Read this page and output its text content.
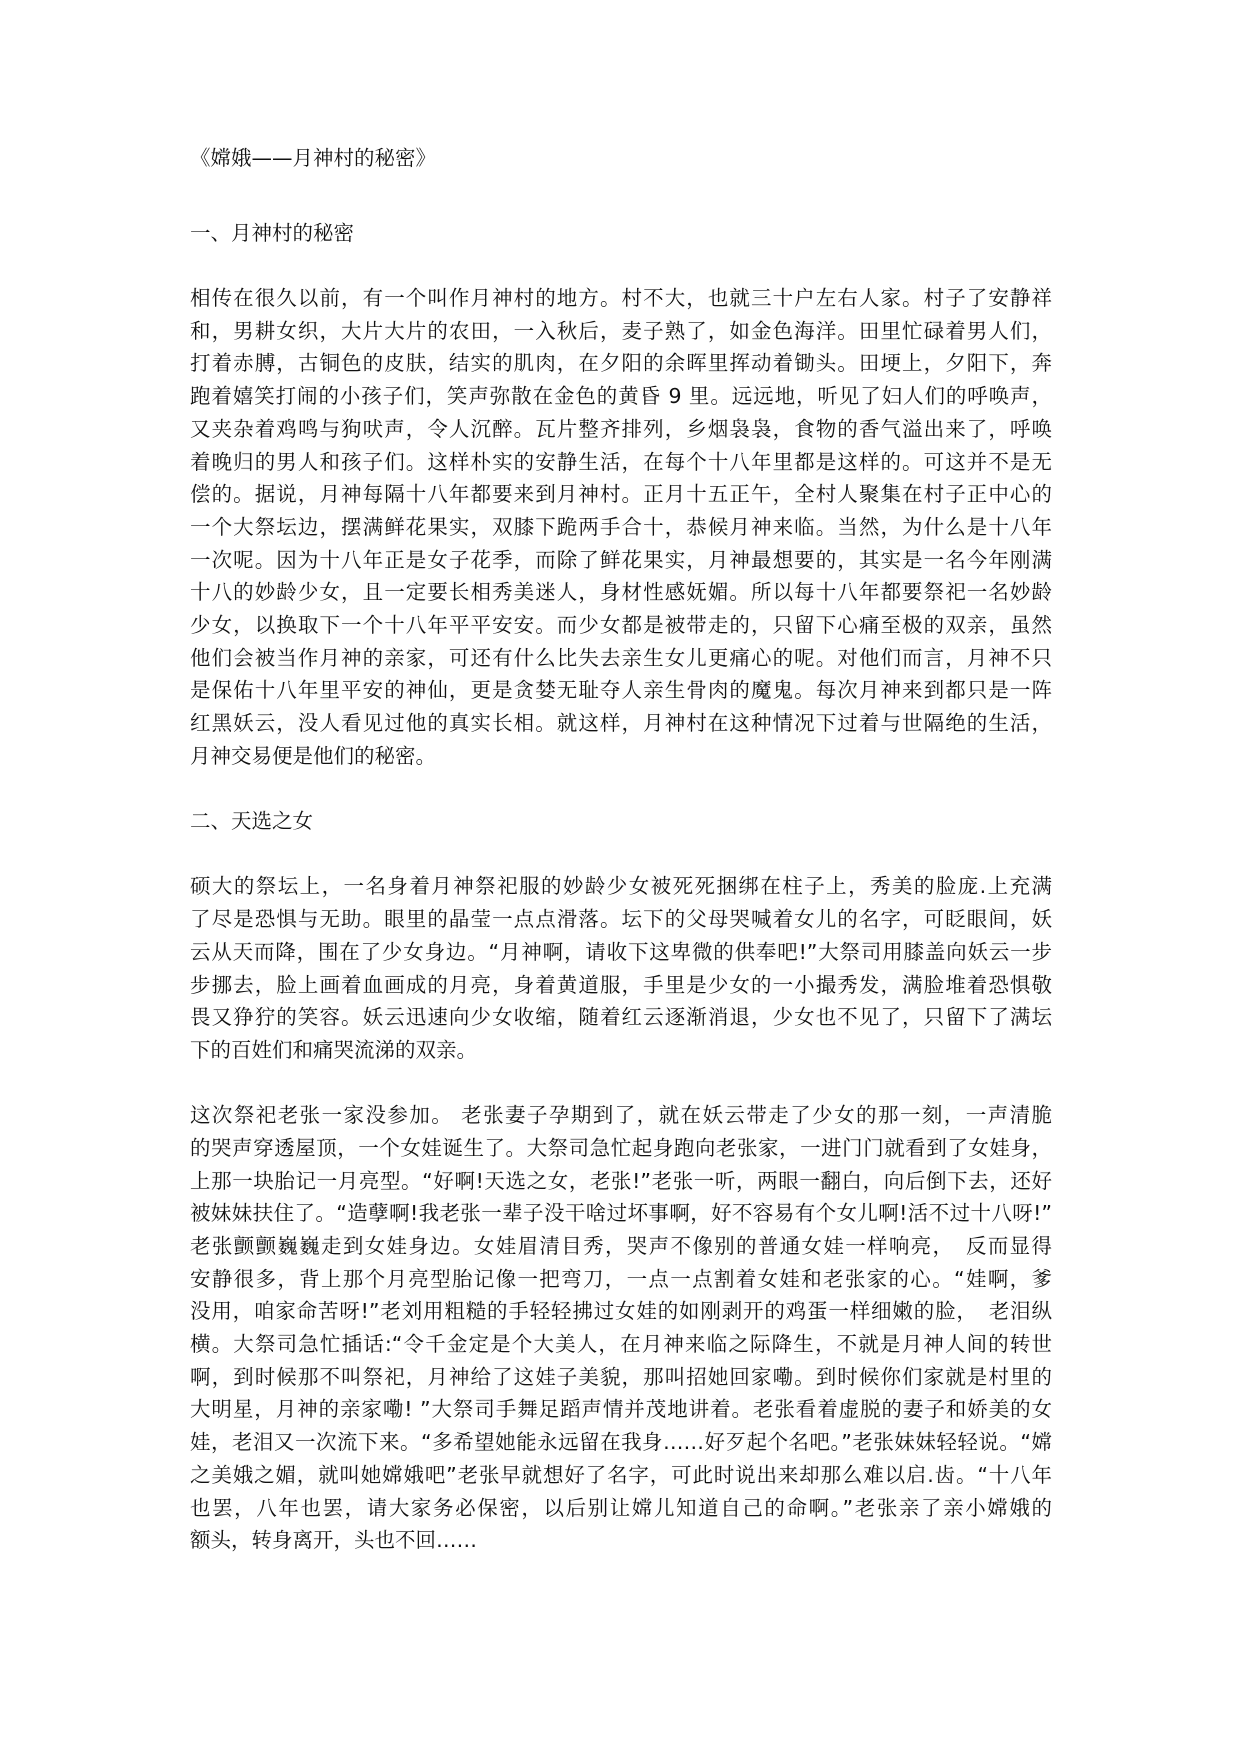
《嫦娥——月神村的秘密》
一、月神村的秘密
相传在很久以前，有一个叫作月神村的地方。村不大，也就三十户左右人家。村子了安静祥
和，男耕女织，大片大片的农田，一入秋后，麦子熟了，如金色海洋。田里忙碌着男人们，
打着赤膊，古铜色的皮肤，结实的肌肉，在夕阳的余晖里挥动着锄头。田埂上，夕阳下，奔
跑着嬉笑打闹的小孩子们，笑声弥散在金色的黄昏 9 里。远远地，听见了妇人们的呼唤声，
又夹杂着鸡鸣与狗吠声，令人沉醉。瓦片整齐排列，乡烟袅袅，食物的香气溢出来了，呼唤
着晚归的男人和孩子们。这样朴实的安静生活，在每个十八年里都是这样的。可这并不是无
偿的。据说，月神每隔十八年都要来到月神村。正月十五正午，全村人聚集在村子正中心的
一个大祭坛边，摆满鲜花果实，双膝下跪两手合十，恭候月神来临。当然，为什么是十八年
一次呢。因为十八年正是女子花季，而除了鲜花果实，月神最想要的，其实是一名今年刚满
十八的妙龄少女，且一定要长相秀美迷人，身材性感妩媚。所以每十八年都要祭祀一名妙龄
少女，以换取下一个十八年平平安安。而少女都是被带走的，只留下心痛至极的双亲，虽然
他们会被当作月神的亲家，可还有什么比失去亲生女儿更痛心的呢。对他们而言，月神不只
是保佑十八年里平安的神仙，更是贪婪无耻夺人亲生骨肉的魔鬼。每次月神来到都只是一阵
红黑妖云，没人看见过他的真实长相。就这样，月神村在这种情况下过着与世隔绝的生活，
月神交易便是他们的秘密。
二、天选之女
硕大的祭坛上，一名身着月神祭祀服的妙龄少女被死死捆绑在柱子上，秀美的脸庞.上充满
了尽是恐惧与无助。眼里的晶莹一点点滑落。坛下的父母哭喊着女儿的名字，可眨眼间，妖
云从天而降，围在了少女身边。“月神啊，请收下这卑微的供奉吧!”大祭司用膝盖向妖云一步
步挪去，脸上画着血画成的月亮，身着黄道服，手里是少女的一小撮秀发，满脸堆着恐惧敬
畏又狰狞的笑容。妖云迅速向少女收缩，随着红云逐渐消退，少女也不见了，只留下了满坛
下的百姓们和痛哭流涕的双亲。
这次祭祀老张一家没参加。 老张妻子孕期到了，就在妖云带走了少女的那一刻，一声清脆
的哭声穿透屋顶，一个女娃诞生了。大祭司急忙起身跑向老张家，一进门门就看到了女娃身，
上那一块胎记一月亮型。“好啊!天选之女，老张!”老张一听，两眼一翻白，向后倒下去，还好
被妹妹扶住了。“造孽啊!我老张一辈子没干啥过坏事啊，好不容易有个女儿啊!活不过十八呀!”
老张颤颤巍巍走到女娃身边。女娃眉清目秀，哭声不像别的普通女娃一样响亮，　反而显得
安静很多，背上那个月亮型胎记像一把弯刀，一点一点割着女娃和老张家的心。“娃啊，爹
没用，咱家命苦呀!”老刘用粗糙的手轻轻拂过女娃的如刚剥开的鸡蛋一样细嫩的脸，　老泪纵
横。大祭司急忙插话:“令千金定是个大美人，在月神来临之际降生，不就是月神人间的转世
啊，到时候那不叫祭祀，月神给了这娃子美貌，那叫招她回家嘞。到时候你们家就是村里的
大明星，月神的亲家嘞! ”大祭司手舞足蹈声情并茂地讲着。老张看着虚脱的妻子和娇美的女
娃，老泪又一次流下来。“多希望她能永远留在我身……好歹起个名吧。”老张妹妹轻轻说。“嫦
之美娥之媚，就叫她嫦娥吧”老张早就想好了名字，可此时说出来却那么难以启.齿。“十八年
也罢，八年也罢，请大家务必保密，以后别让嫦儿知道自己的命啊。”老张亲了亲小嫦娥的
额头，转身离开，头也不回……
